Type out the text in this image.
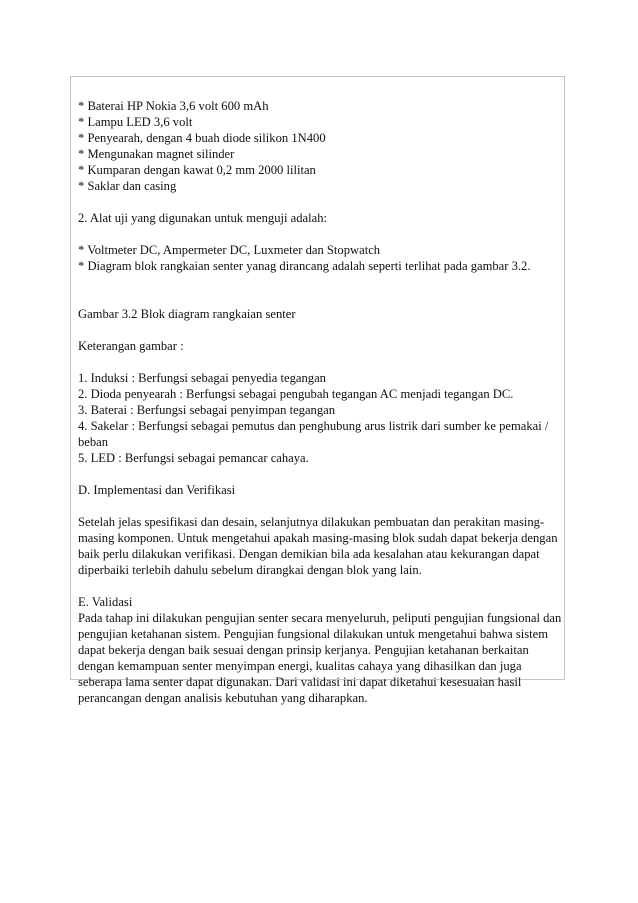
* Baterai HP Nokia 3,6 volt 600 mAh

* Lampu LED 3,6 volt

* Penyearah, dengan 4 buah diode silikon 1N400

* Mengunakan magnet silinder

* Kumparan dengan kawat 0,2 mm 2000 lilitan

* Saklar dan casing

2. Alat uji yang digunakan untuk menguji adalah:

* Voltmeter DC, Ampermeter DC, Luxmeter dan Stopwatch

* Diagram blok rangkaian senter yanag dirancang adalah seperti terlihat pada gambar 3.2.

Gambar 3.2 Blok diagram rangkaian senter

Keterangan gambar :

1. Induksi : Berfungsi sebagai penyedia tegangan

2. Dioda penyearah : Berfungsi sebagai pengubah tegangan AC menjadi tegangan DC.

3. Baterai : Berfungsi sebagai penyimpan tegangan

4. Sakelar : Berfungsi sebagai pemutus dan penghubung arus listrik dari sumber ke pemakai / beban

5. LED : Berfungsi sebagai pemancar cahaya.

D. Implementasi dan Verifikasi

Setelah jelas spesifikasi dan desain, selanjutnya dilakukan pembuatan dan perakitan masing-masing komponen. Untuk mengetahui apakah masing-masing blok sudah dapat bekerja dengan baik perlu dilakukan verifikasi. Dengan demikian bila ada kesalahan atau kekurangan dapat diperbaiki terlebih dahulu sebelum dirangkai dengan blok yang lain.

E. Validasi

Pada tahap ini dilakukan pengujian senter secara menyeluruh, peliputi pengujian fungsional dan pengujian ketahanan sistem. Pengujian fungsional dilakukan untuk mengetahui bahwa sistem dapat bekerja dengan baik sesuai dengan prinsip kerjanya. Pengujian ketahanan berkaitan dengan kemampuan senter menyimpan energi, kualitas cahaya yang dihasilkan dan juga seberapa lama senter dapat digunakan. Dari validasi ini dapat diketahui kesesuaian hasil perancangan dengan analisis kebutuhan yang diharapkan.
